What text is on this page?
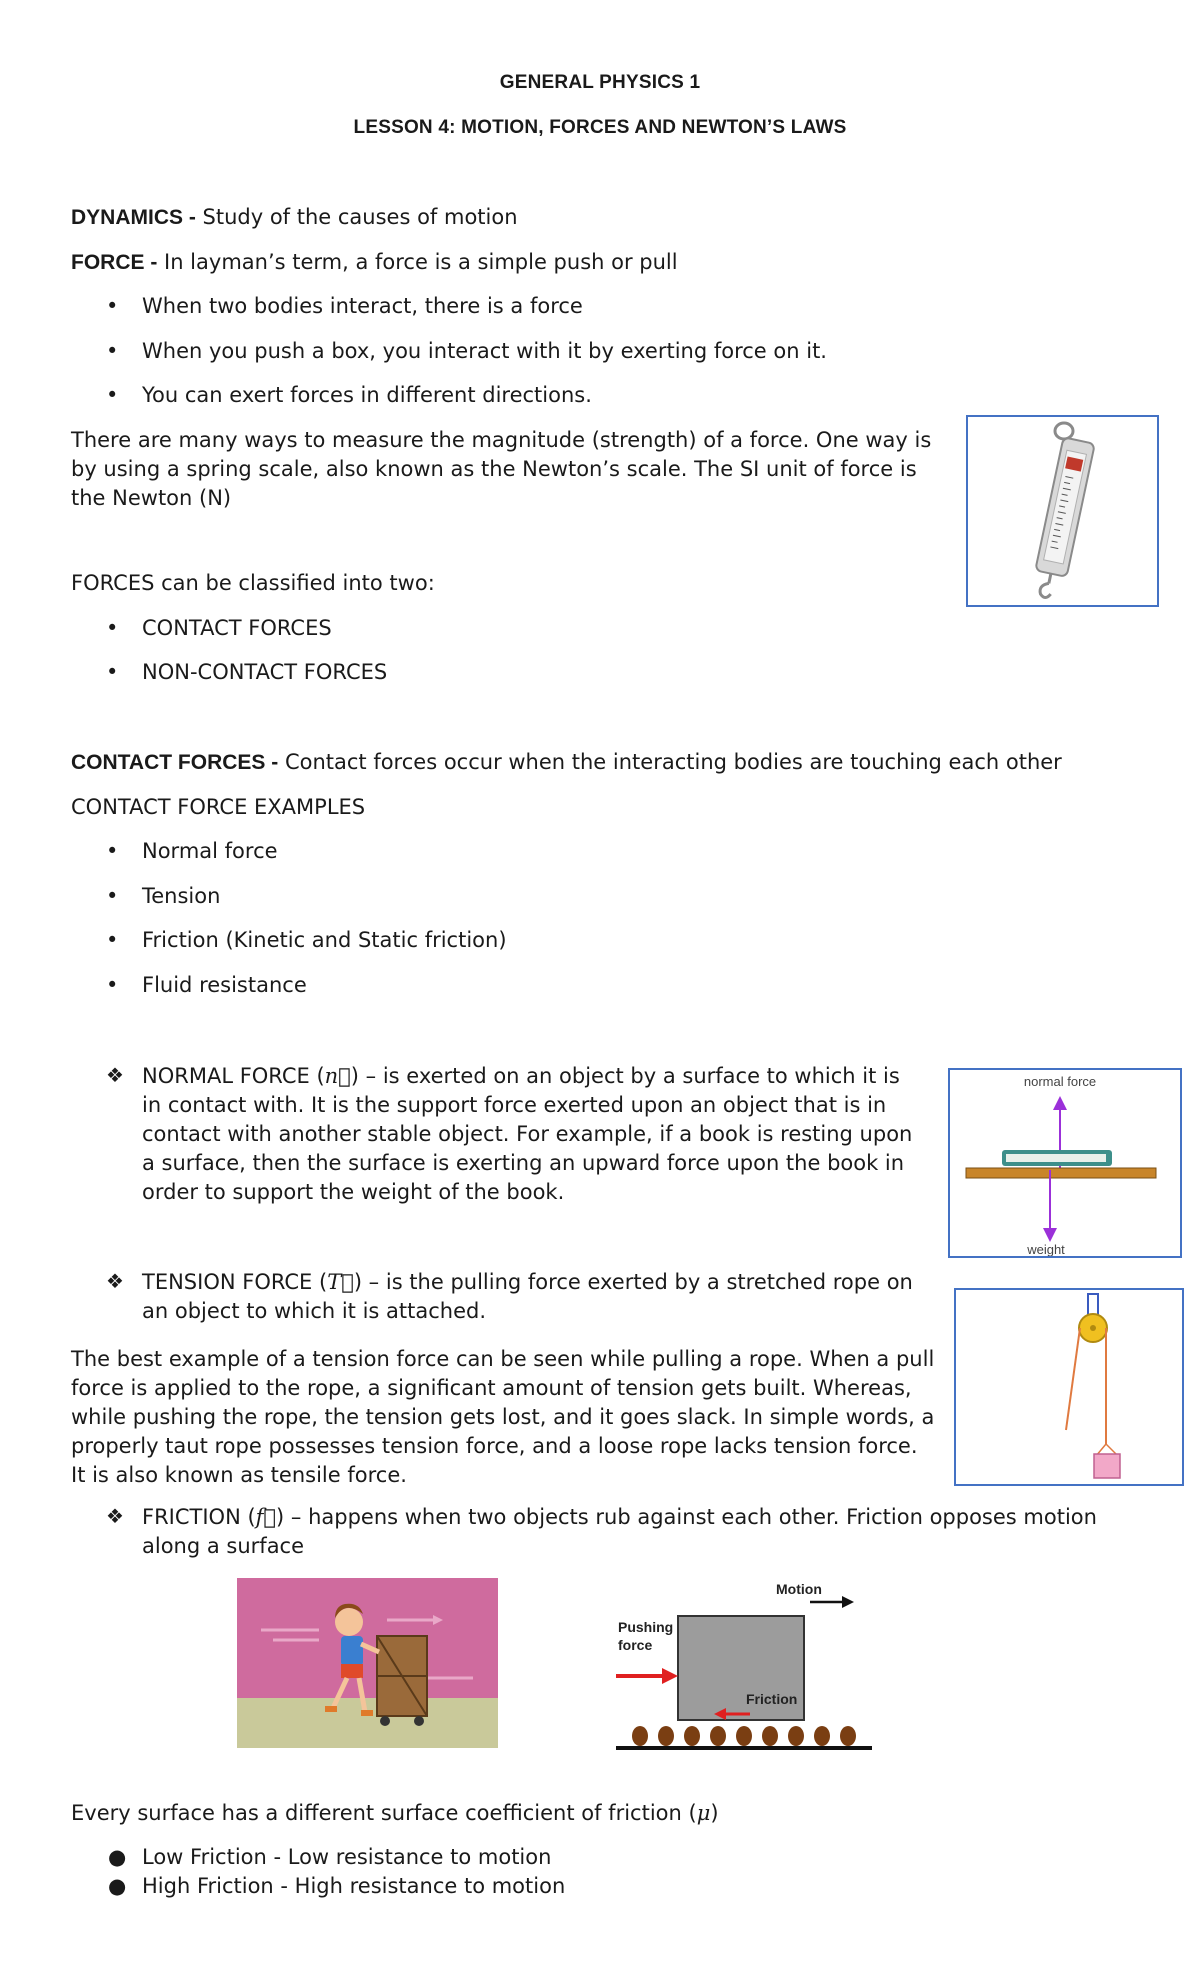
GENERAL PHYSICS 1
LESSON 4: MOTION, FORCES AND NEWTON’S LAWS
DYNAMICS - Study of the causes of motion
FORCE - In layman’s term, a force is a simple push or pull
• When two bodies interact, there is a force
• When you push a box, you interact with it by exerting force on it.
• You can exert forces in different directions.
There are many ways to measure the magnitude (strength) of a force. One way is by using a spring scale, also known as the Newton’s scale. The SI unit of force is the Newton (N)
FORCES can be classified into two:
• CONTACT FORCES
• NON-CONTACT FORCES
CONTACT FORCES - Contact forces occur when the interacting bodies are touching each other
CONTACT FORCE EXAMPLES
• Normal force
• Tension
• Friction (Kinetic and Static friction)
• Fluid resistance
❖ NORMAL FORCE (n⃗) – is exerted on an object by a surface to which it is in contact with. It is the support force exerted upon an object that is in contact with another stable object. For example, if a book is resting upon a surface, then the surface is exerting an upward force upon the book in order to support the weight of the book.
normal force
weight
❖ TENSION FORCE (T⃗) – is the pulling force exerted by a stretched rope on an object to which it is attached.
The best example of a tension force can be seen while pulling a rope. When a pull force is applied to the rope, a significant amount of tension gets built. Whereas, while pushing the rope, the tension gets lost, and it goes slack. In simple words, a properly taut rope possesses tension force, and a loose rope lacks tension force. It is also known as tensile force.
❖ FRICTION (f⃗) – happens when two objects rub against each other. Friction opposes motion along a surface
Motion
Pushing
force
Friction
Every surface has a different surface coefficient of friction (μ)
● Low Friction - Low resistance to motion
● High Friction - High resistance to motion
